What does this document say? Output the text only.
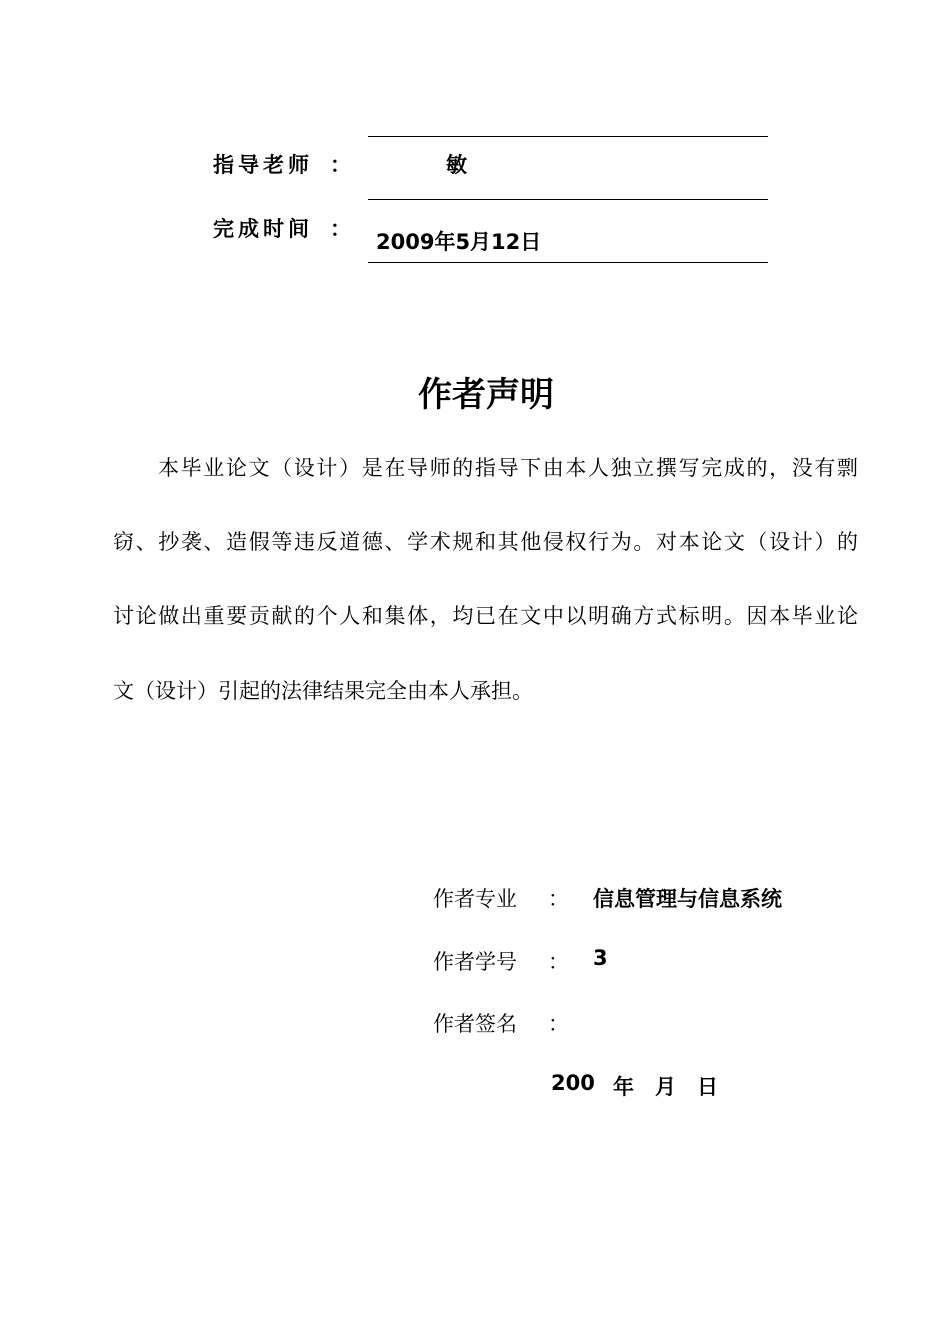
指导老师 ：	敏
完成时间 ：
2009年5月12日
作者声明
本毕业论文（设计）是在导师的指导下由本人独立撰写完成的，没有剽
窃、抄袭、造假等违反道德、学术规和其他侵权行为。对本论文（设计）的
讨论做出重要贡献的个人和集体，均已在文中以明确方式标明。因本毕业论
文（设计）引起的法律结果完全由本人承担。
作者专业 ： 信息管理与信息系统
作者学号 ： 3
作者签名 ：
200 年 月 日
